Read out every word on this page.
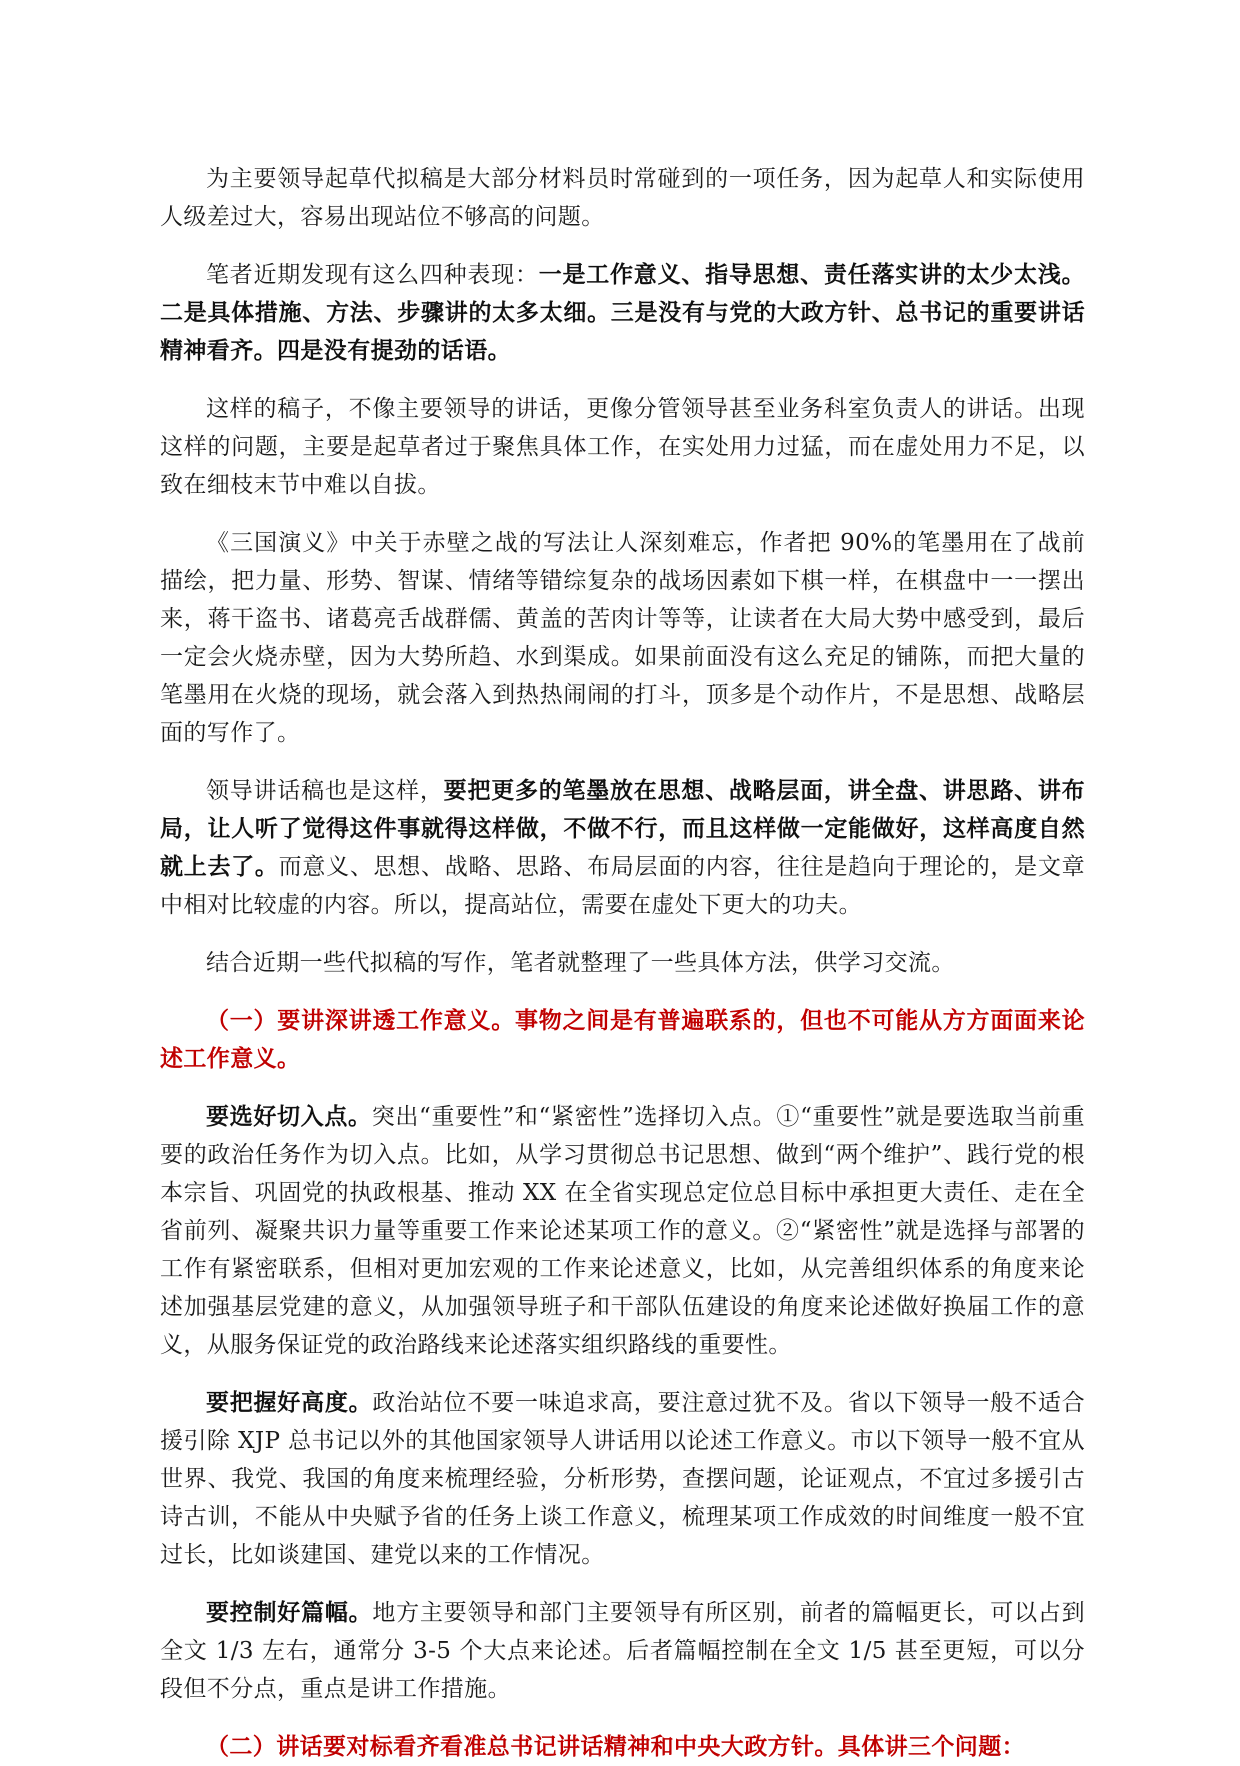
为主要领导起草代拟稿是大部分材料员时常碰到的一项任务，因为起草人和实际使用人级差过大，容易出现站位不够高的问题。

笔者近期发现有这么四种表现：一是工作意义、指导思想、责任落实讲的太少太浅。二是具体措施、方法、步骤讲的太多太细。三是没有与党的大政方针、总书记的重要讲话精神看齐。四是没有提劲的话语。

这样的稿子，不像主要领导的讲话，更像分管领导甚至业务科室负责人的讲话。出现这样的问题，主要是起草者过于聚焦具体工作，在实处用力过猛，而在虚处用力不足，以致在细枝末节中难以自拔。

《三国演义》中关于赤壁之战的写法让人深刻难忘，作者把 90%的笔墨用在了战前描绘，把力量、形势、智谋、情绪等错综复杂的战场因素如下棋一样，在棋盘中一一摆出来，蒋干盗书、诸葛亮舌战群儒、黄盖的苦肉计等等，让读者在大局大势中感受到，最后一定会火烧赤壁，因为大势所趋、水到渠成。如果前面没有这么充足的铺陈，而把大量的笔墨用在火烧的现场，就会落入到热热闹闹的打斗，顶多是个动作片，不是思想、战略层面的写作了。

领导讲话稿也是这样，要把更多的笔墨放在思想、战略层面，讲全盘、讲思路、讲布局，让人听了觉得这件事就得这样做，不做不行，而且这样做一定能做好，这样高度自然就上去了。而意义、思想、战略、思路、布局层面的内容，往往是趋向于理论的，是文章中相对比较虚的内容。所以，提高站位，需要在虚处下更大的功夫。

结合近期一些代拟稿的写作，笔者就整理了一些具体方法，供学习交流。

（一）要讲深讲透工作意义。事物之间是有普遍联系的，但也不可能从方方面面来论述工作意义。

要选好切入点。突出“重要性”和“紧密性”选择切入点。①“重要性”就是要选取当前重要的政治任务作为切入点。比如，从学习贯彻总书记思想、做到“两个维护”、践行党的根本宗旨、巩固党的执政根基、推动 XX 在全省实现总定位总目标中承担更大责任、走在全省前列、凝聚共识力量等重要工作来论述某项工作的意义。②“紧密性”就是选择与部署的工作有紧密联系，但相对更加宏观的工作来论述意义，比如，从完善组织体系的角度来论述加强基层党建的意义，从加强领导班子和干部队伍建设的角度来论述做好换届工作的意义，从服务保证党的政治路线来论述落实组织路线的重要性。

要把握好高度。政治站位不要一味追求高，要注意过犹不及。省以下领导一般不适合援引除 XJP 总书记以外的其他国家领导人讲话用以论述工作意义。市以下领导一般不宜从世界、我党、我国的角度来梳理经验，分析形势，查摆问题，论证观点，不宜过多援引古诗古训，不能从中央赋予省的任务上谈工作意义，梳理某项工作成效的时间维度一般不宜过长，比如谈建国、建党以来的工作情况。

要控制好篇幅。地方主要领导和部门主要领导有所区别，前者的篇幅更长，可以占到全文 1/3 左右，通常分 3-5 个大点来论述。后者篇幅控制在全文 1/5 甚至更短，可以分段但不分点，重点是讲工作措施。

（二）讲话要对标看齐看准总书记讲话精神和中央大政方针。具体讲三个问题：
